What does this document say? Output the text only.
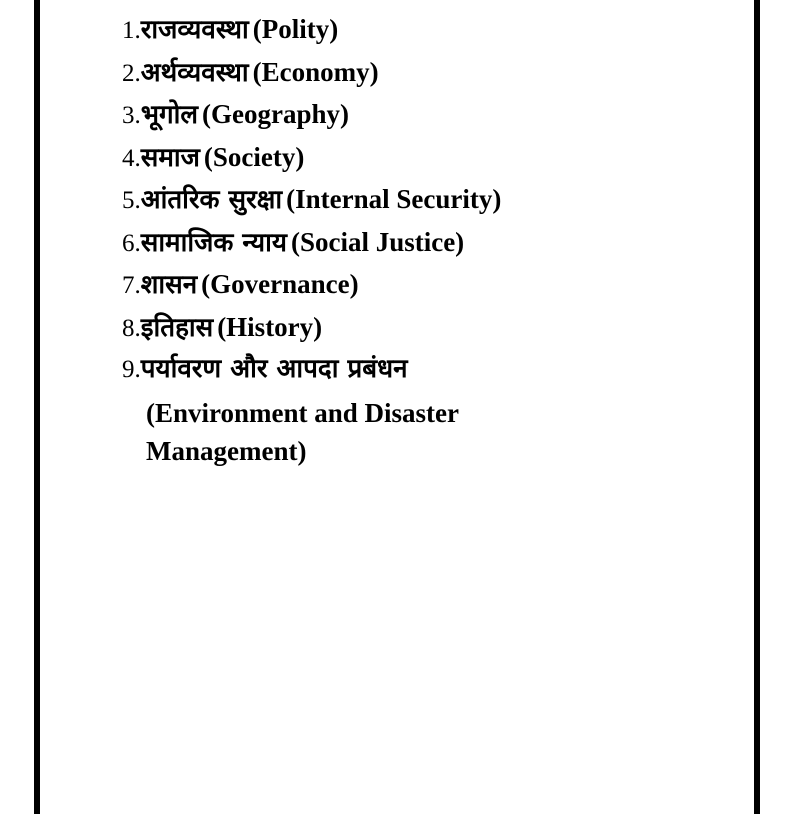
1.राजव्यवस्था (Polity)
2.अर्थव्यवस्था (Economy)
3.भूगोल (Geography)
4.समाज (Society)
5.आंतरिक सुरक्षा (Internal Security)
6.सामाजिक न्याय (Social Justice)
7.शासन (Governance)
8.इतिहास (History)
9.पर्यावरण और आपदा प्रबंधन
(Environment and Disaster Management)
